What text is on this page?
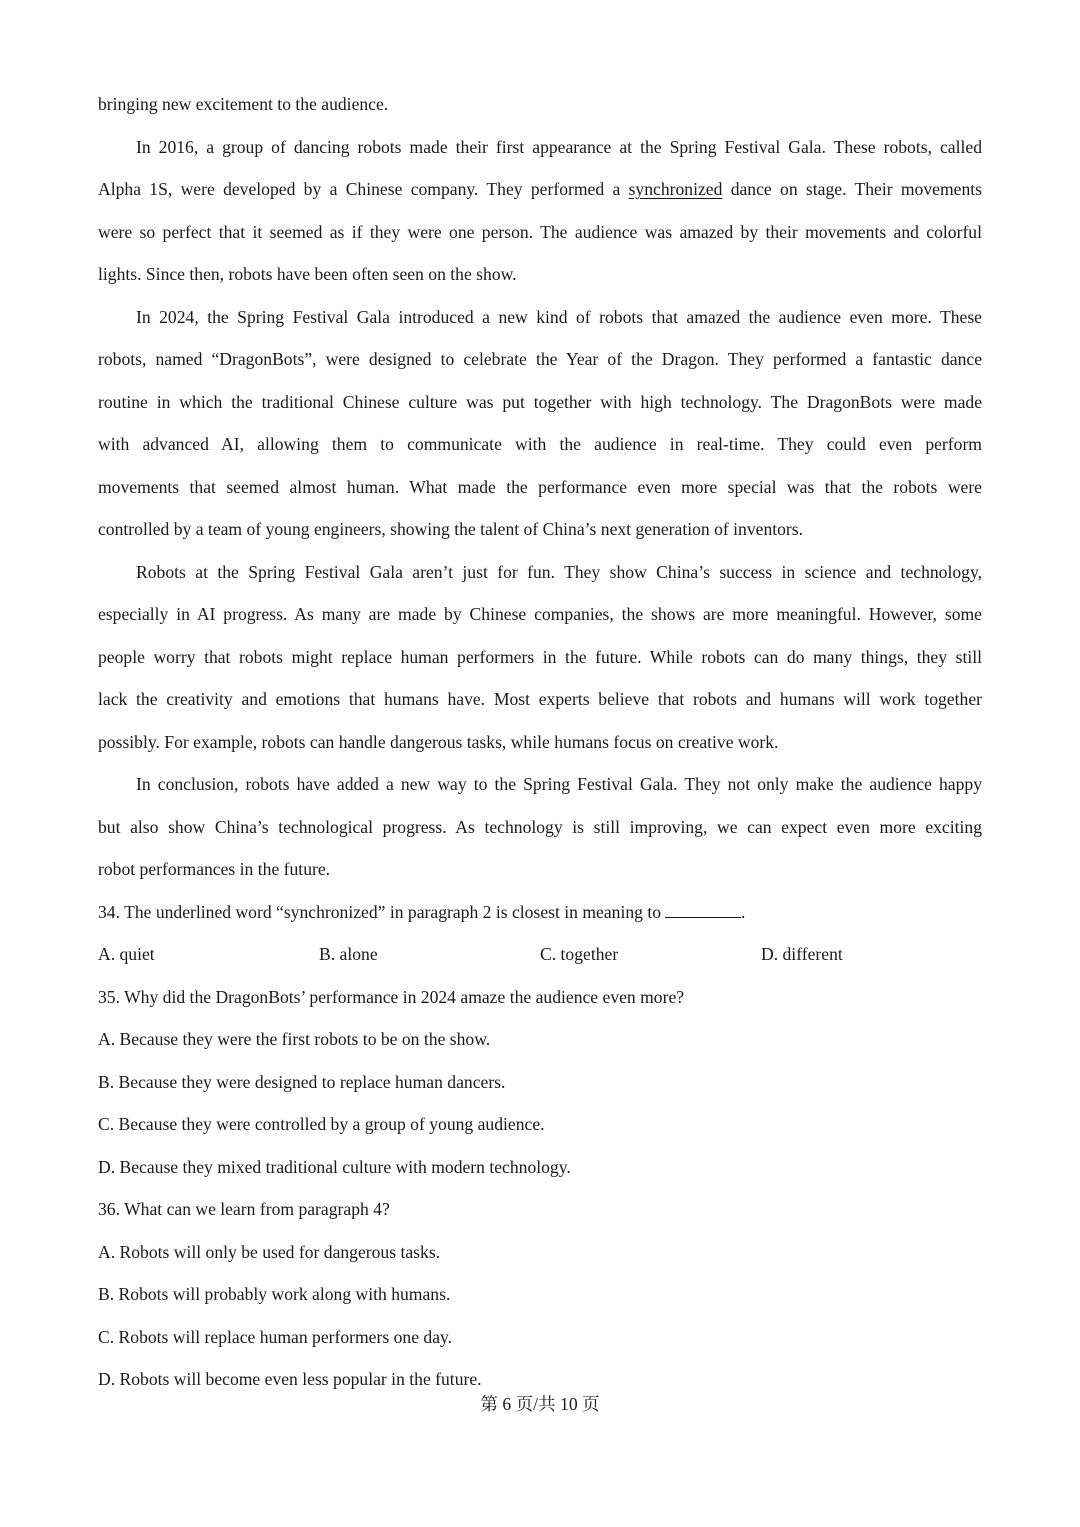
bringing new excitement to the audience.
In 2016, a group of dancing robots made their first appearance at the Spring Festival Gala. These robots, called
Alpha 1S, were developed by a Chinese company. They performed a synchronized dance on stage. Their movements
were so perfect that it seemed as if they were one person. The audience was amazed by their movements and colorful
lights. Since then, robots have been often seen on the show.
In 2024, the Spring Festival Gala introduced a new kind of robots that amazed the audience even more. These
robots, named “DragonBots”, were designed to celebrate the Year of the Dragon. They performed a fantastic dance
routine in which the traditional Chinese culture was put together with high technology. The DragonBots were made
with advanced AI, allowing them to communicate with the audience in real-time. They could even perform
movements that seemed almost human. What made the performance even more special was that the robots were
controlled by a team of young engineers, showing the talent of China’s next generation of inventors.
Robots at the Spring Festival Gala aren’t just for fun. They show China’s success in science and technology,
especially in AI progress. As many are made by Chinese companies, the shows are more meaningful. However, some
people worry that robots might replace human performers in the future. While robots can do many things, they still
lack the creativity and emotions that humans have. Most experts believe that robots and humans will work together
possibly. For example, robots can handle dangerous tasks, while humans focus on creative work.
In conclusion, robots have added a new way to the Spring Festival Gala. They not only make the audience happy
but also show China’s technological progress. As technology is still improving, we can expect even more exciting
robot performances in the future.
34. The underlined word “synchronized” in paragraph 2 is closest in meaning to	.
A. quiet	B. alone	C. together	D. different
35. Why did the DragonBots’ performance in 2024 amaze the audience even more?
A. Because they were the first robots to be on the show.
B. Because they were designed to replace human dancers.
C. Because they were controlled by a group of young audience.
D. Because they mixed traditional culture with modern technology.
36. What can we learn from paragraph 4?
A. Robots will only be used for dangerous tasks.
B. Robots will probably work along with humans.
C. Robots will replace human performers one day.
D. Robots will become even less popular in the future.
第 6 页/共 10 页
